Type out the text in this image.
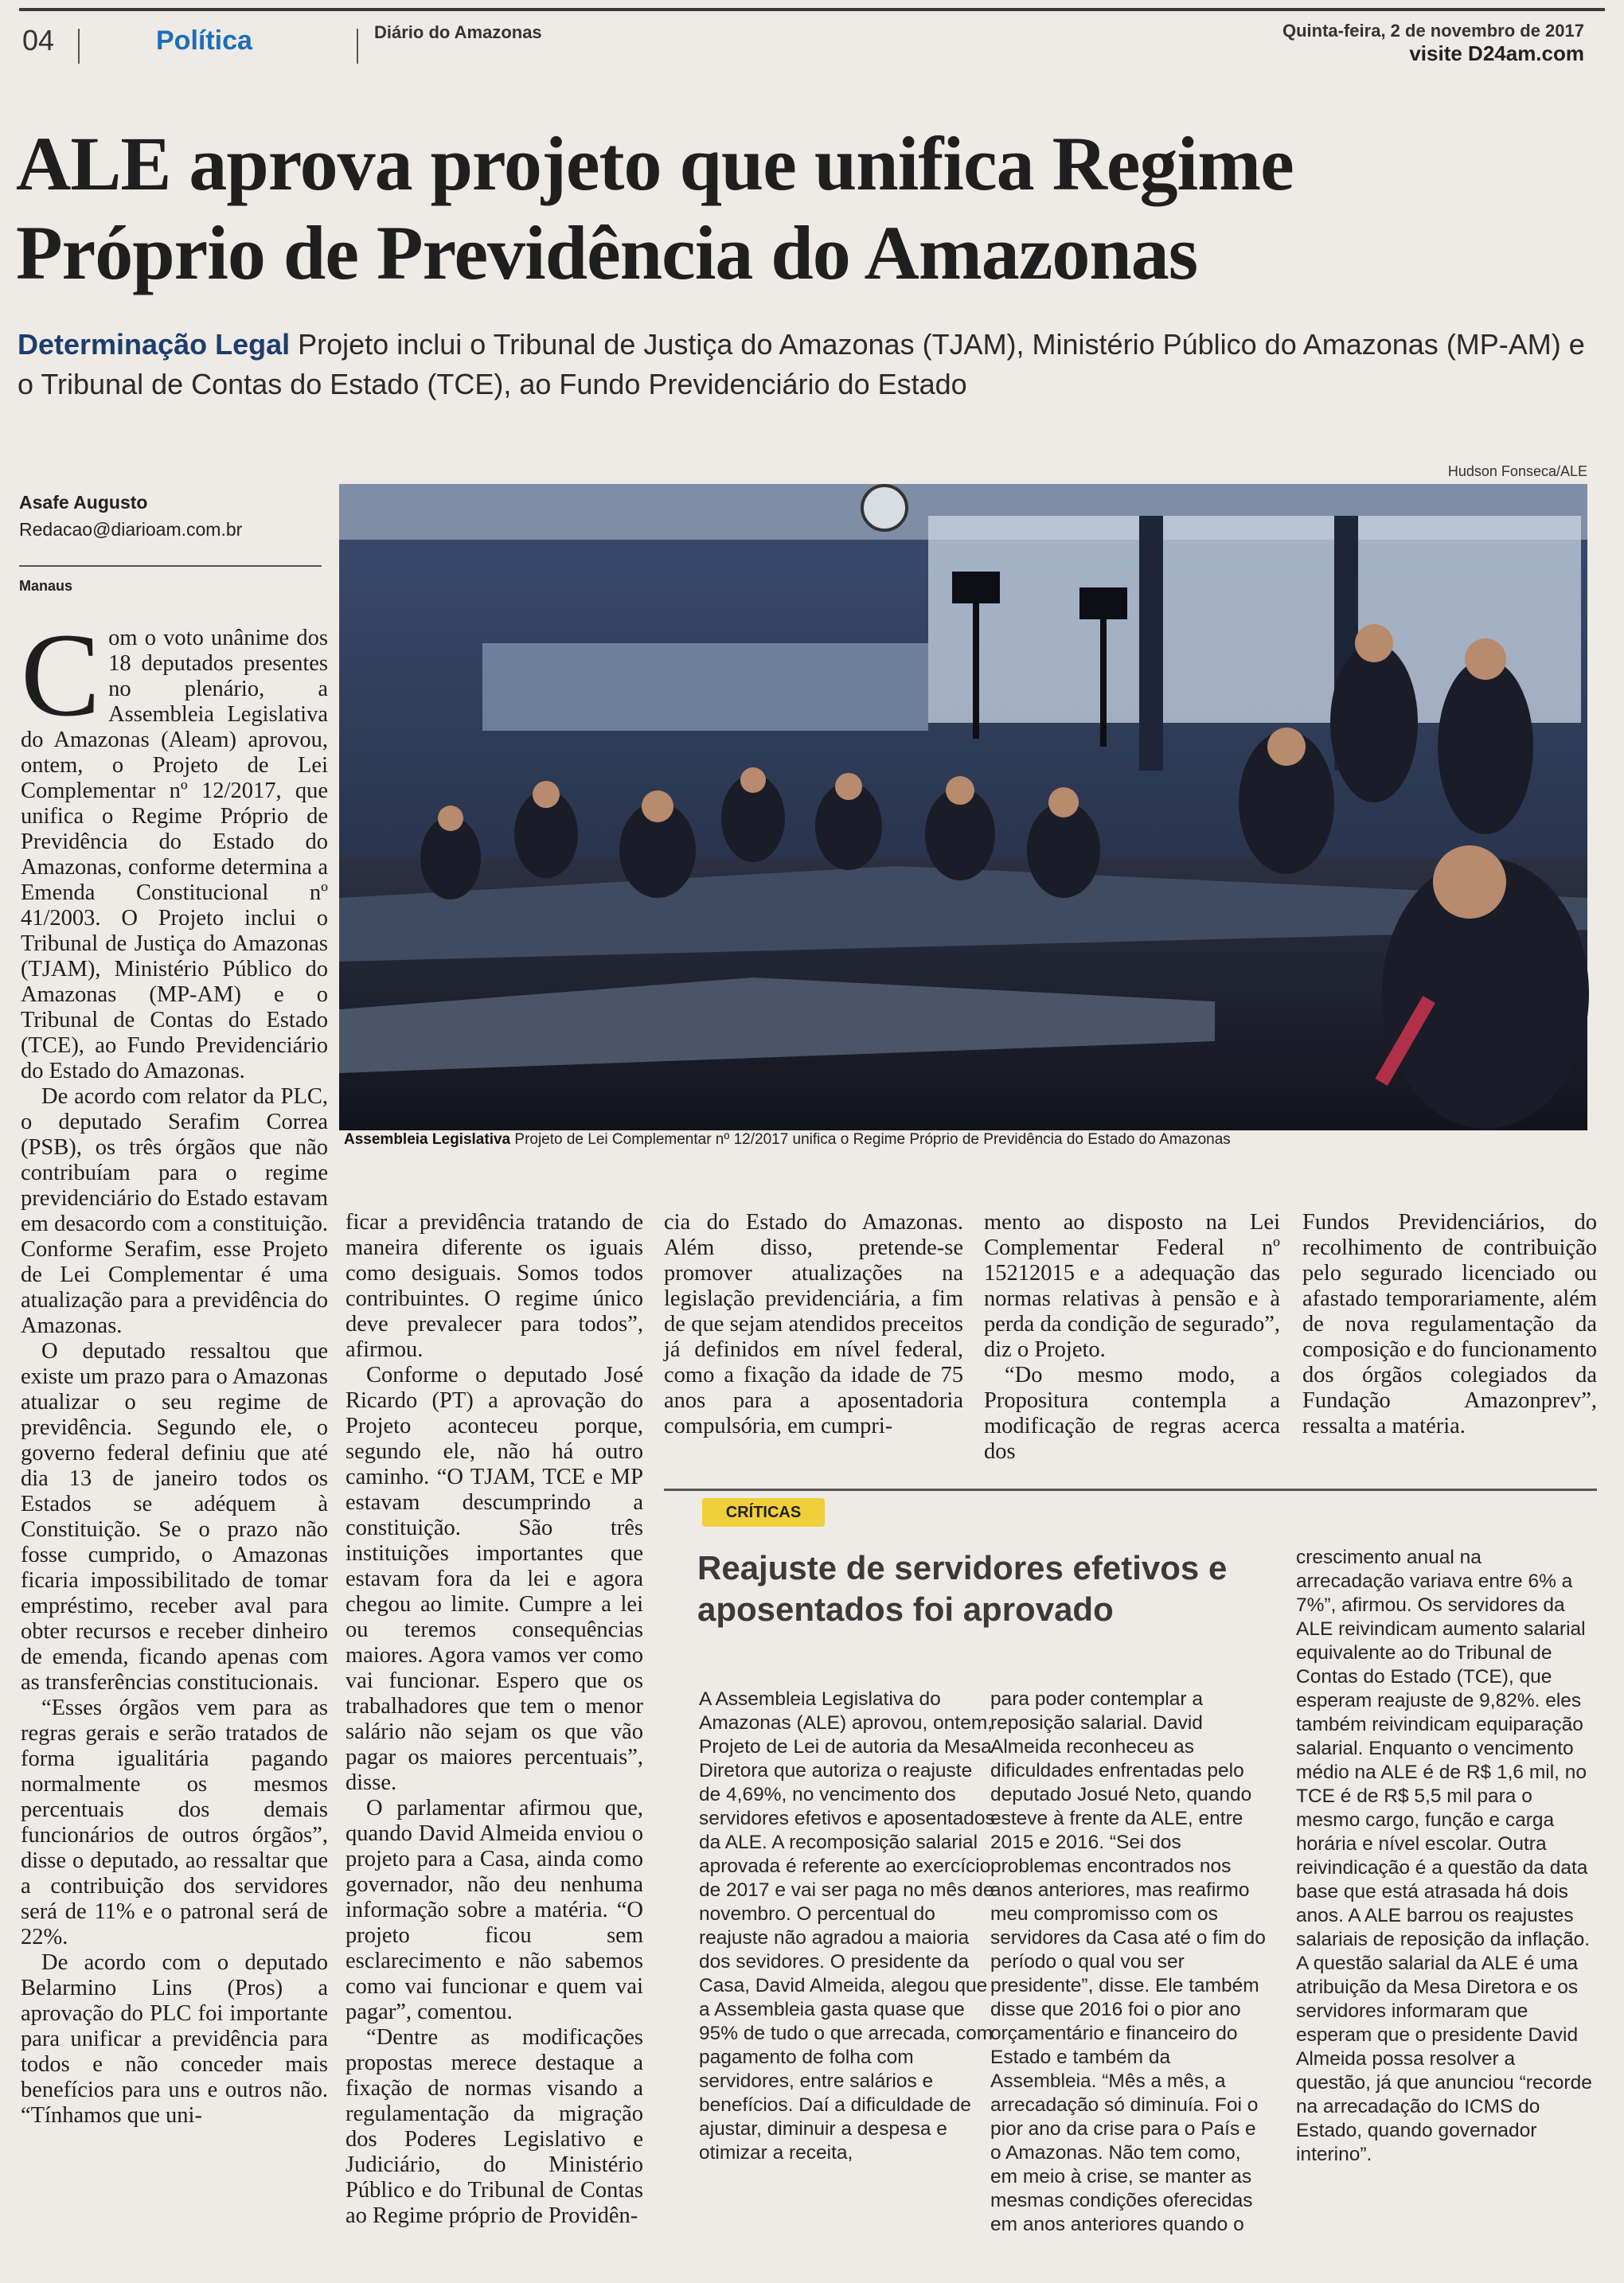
04	Política	Diário do Amazonas	Quinta-feira, 2 de novembro de 2017
visite D24am.com
ALE aprova projeto que unifica Regime
Próprio de Previdência do Amazonas

Determinação Legal Projeto inclui o Tribunal de Justiça do Amazonas (TJAM), Ministério Público do Amazonas (MP-AM) e o Tribunal de Contas do Estado (TCE), ao Fundo Previdenciário do Estado

Asafe Augusto
Redacao@diarioam.com.br
Manaus
Hudson Fonseca/ALE
Assembleia Legislativa Projeto de Lei Complementar nº 12/2017 unifica o Regime Próprio de Previdência do Estado do Amazonas

Com o voto unânime dos 18 deputados presentes no plenário, a Assembleia Legislativa do Amazonas (Aleam) aprovou, ontem, o Projeto de Lei Complementar nº 12/2017, que unifica o Regime Próprio de Previdência do Estado do Amazonas, conforme determina a Emenda Constitucional nº 41/2003. O Projeto inclui o Tribunal de Justiça do Amazonas (TJAM), Ministério Público do Amazonas (MP-AM) e o Tribunal de Contas do Estado (TCE), ao Fundo Previdenciário do Estado do Amazonas.

De acordo com relator da PLC, o deputado Serafim Correa (PSB), os três órgãos que não contribuíam para o regime previdenciário do Estado estavam em desacordo com a constituição. Conforme Serafim, esse Projeto de Lei Complementar é uma atualização para a previdência do Amazonas.

O deputado ressaltou que existe um prazo para o Amazonas atualizar o seu regime de previdência. Segundo ele, o governo federal definiu que até dia 13 de janeiro todos os Estados se adéquem à Constituição. Se o prazo não fosse cumprido, o Amazonas ficaria impossibilitado de tomar empréstimo, receber aval para obter recursos e receber dinheiro de emenda, ficando apenas com as transferências constitucionais.

“Esses órgãos vem para as regras gerais e serão tratados de forma igualitária pagando normalmente os mesmos percentuais dos demais funcionários de outros órgãos”, disse o deputado, ao ressaltar que a contribuição dos servidores será de 11% e o patronal será de 22%.

De acordo com o deputado Belarmino Lins (Pros) a aprovação do PLC foi importante para unificar a previdência para todos e não conceder mais benefícios para uns e outros não. “Tínhamos que uni-

ficar a previdência tratando de maneira diferente os iguais como desiguais. Somos todos contribuintes. O regime único deve prevalecer para todos”, afirmou.

Conforme o deputado José Ricardo (PT) a aprovação do Projeto aconteceu porque, segundo ele, não há outro caminho. “O TJAM, TCE e MP estavam descumprindo a constituição. São três instituições importantes que estavam fora da lei e agora chegou ao limite. Cumpre a lei ou teremos consequências maiores. Agora vamos ver como vai funcionar. Espero que os trabalhadores que tem o menor salário não sejam os que vão pagar os maiores percentuais”, disse.

O parlamentar afirmou que, quando David Almeida enviou o projeto para a Casa, ainda como governador, não deu nenhuma informação sobre a matéria. “O projeto ficou sem esclarecimento e não sabemos como vai funcionar e quem vai pagar”, comentou.

“Dentre as modificações propostas merece destaque a fixação de normas visando a regulamentação da migração dos Poderes Legislativo e Judiciário, do Ministério Público e do Tribunal de Contas ao Regime próprio de Providên-

cia do Estado do Amazonas. Além disso, pretende-se promover atualizações na legislação previdenciária, a fim de que sejam atendidos preceitos já definidos em nível federal, como a fixação da idade de 75 anos para a aposentadoria compulsória, em cumpri-

mento ao disposto na Lei Complementar Federal nº 15212015 e a adequação das normas relativas à pensão e à perda da condição de segurado”, diz o Projeto.

“Do mesmo modo, a Propositura contempla a modificação de regras acerca dos

Fundos Previdenciários, do recolhimento de contribuição pelo segurado licenciado ou afastado temporariamente, além de nova regulamentação da composição e do funcionamento dos órgãos colegiados da Fundação Amazonprev”, ressalta a matéria.

CRÍTICAS
Reajuste de servidores efetivos e aposentados foi aprovado

A Assembleia Legislativa do Amazonas (ALE) aprovou, ontem, Projeto de Lei de autoria da Mesa Diretora que autoriza o reajuste de 4,69%, no vencimento dos servidores efetivos e aposentados da ALE. A recomposição salarial aprovada é referente ao exercício de 2017 e vai ser paga no mês de novembro. O percentual do reajuste não agradou a maioria dos sevidores. O presidente da Casa, David Almeida, alegou que a Assembleia gasta quase que 95% de tudo o que arrecada, com pagamento de folha com servidores, entre salários e benefícios. Daí a dificuldade de ajustar, diminuir a despesa e otimizar a receita,

para poder contemplar a reposição salarial. David Almeida reconheceu as dificuldades enfrentadas pelo deputado Josué Neto, quando esteve à frente da ALE, entre 2015 e 2016. “Sei dos problemas encontrados nos anos anteriores, mas reafirmo meu compromisso com os servidores da Casa até o fim do período o qual vou ser presidente”, disse. Ele também disse que 2016 foi o pior ano orçamentário e financeiro do Estado e também da Assembleia. “Mês a mês, a arrecadação só diminuía. Foi o pior ano da crise para o País e o Amazonas. Não tem como, em meio à crise, se manter as mesmas condições oferecidas em anos anteriores quando o

crescimento anual na arrecadação variava entre 6% a 7%”, afirmou. Os servidores da ALE reivindicam aumento salarial equivalente ao do Tribunal de Contas do Estado (TCE), que esperam reajuste de 9,82%. eles também reivindicam equiparação salarial. Enquanto o vencimento médio na ALE é de R$ 1,6 mil, no TCE é de R$ 5,5 mil para o mesmo cargo, função e carga horária e nível escolar. Outra reivindicação é a questão da data base que está atrasada há dois anos. A ALE barrou os reajustes salariais de reposição da inflação. A questão salarial da ALE é uma atribuição da Mesa Diretora e os servidores informaram que esperam que o presidente David Almeida possa resolver a questão, já que anunciou “recorde na arrecadação do ICMS do Estado, quando governador interino”.
